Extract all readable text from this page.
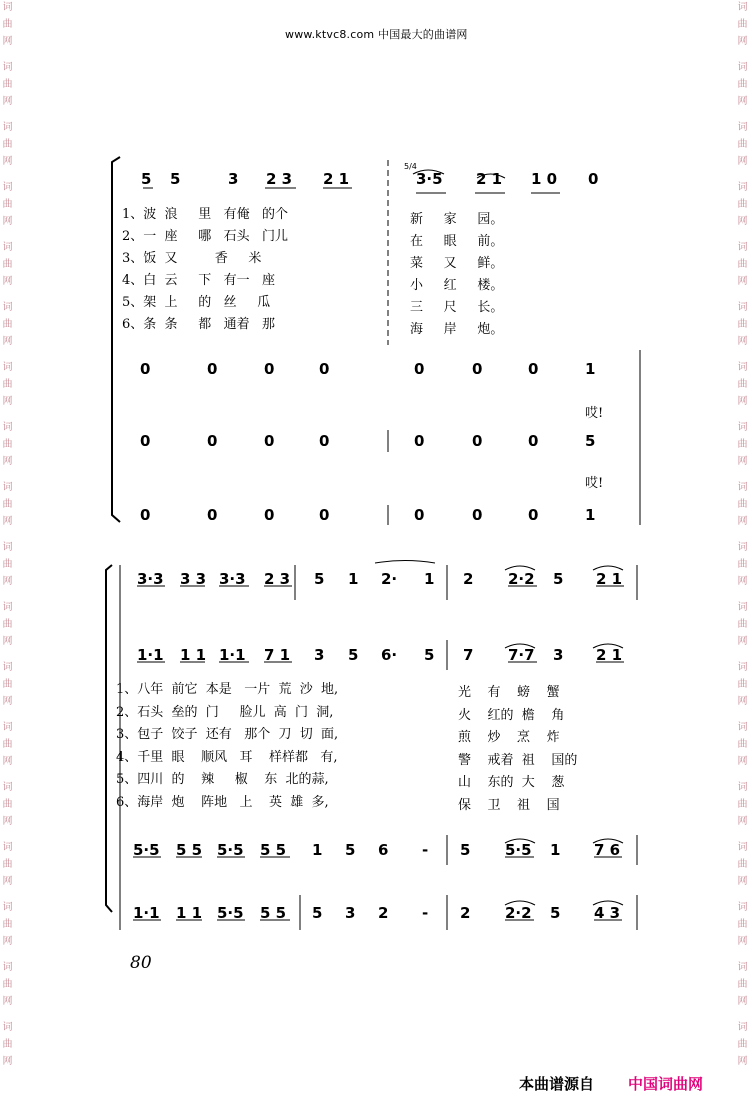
词
曲
网
词
曲
网
词
曲
网
词
曲
网
词
曲
网
词
曲
网
词
曲
网
词
曲
网
词
曲
网
词
曲
网
词
曲
网
词
曲
网
词
曲
网
词
曲
网
词
曲
网
词
曲
网
词
曲
网
词
曲
网
词
曲
网
词
曲
网
词
曲
网
词
曲
网
词
曲
网
词
曲
网
词
曲
网
词
曲
网
词
曲
网
词
曲
网
词
曲
网
词
曲
网
词
曲
网
词
曲
网
词
曲
网
词
曲
网
词
曲
网
词
曲
网
www.ktvc8.com 中国最大的曲谱网
5 5	3 2 3 2 1	3·5 2 1 1 0 0
5/4
1、波  浪     里   有俺   的个
2、一  座     哪   石头   门儿
3、饭  又         香     米
4、白  云     下   有一   座
5、架  上     的   丝     瓜
6、条  条     都   通着   那
新     家     园。
在     眼     前。
菜     又     鲜。
小     红     楼。
三     尺     长。
海     岸     炮。
0	0	0	0	0	0	0	1
哎!
0	0	0	0	0	0	0	5
哎!
0	0	0	0	0	0	0	1
3·3 3 3 3·3 2 3 5 1 2· 1 2 2·2 5 2 1
1·1 1 1 1·1 7 1 3 5 6· 5 7 7·7 3 2 1
1、八年  前它  本是   一片  荒  沙  地,
2、石头  垒的  门     脸儿  高  门  洞,
3、包子  饺子  还有   那个  刀  切  面,
4、千里  眼    顺风   耳    样样都   有,
5、四川  的    辣     椒    东  北的蒜,
6、海岸  炮    阵地   上    英  雄  多,
光    有    螃    蟹
火    红的  檐    角
煎    炒    烹    炸
警    戒着  祖    国的
山    东的  大    葱
保    卫    祖    国
5·5 5 5 5·5 5 5 1 5 6 - 5 5·5 1 7 6
1·1 1 1 5·5 5 5 5 3 2 - 2 2·2 5 4 3
80
本曲谱源自 中国词曲网
